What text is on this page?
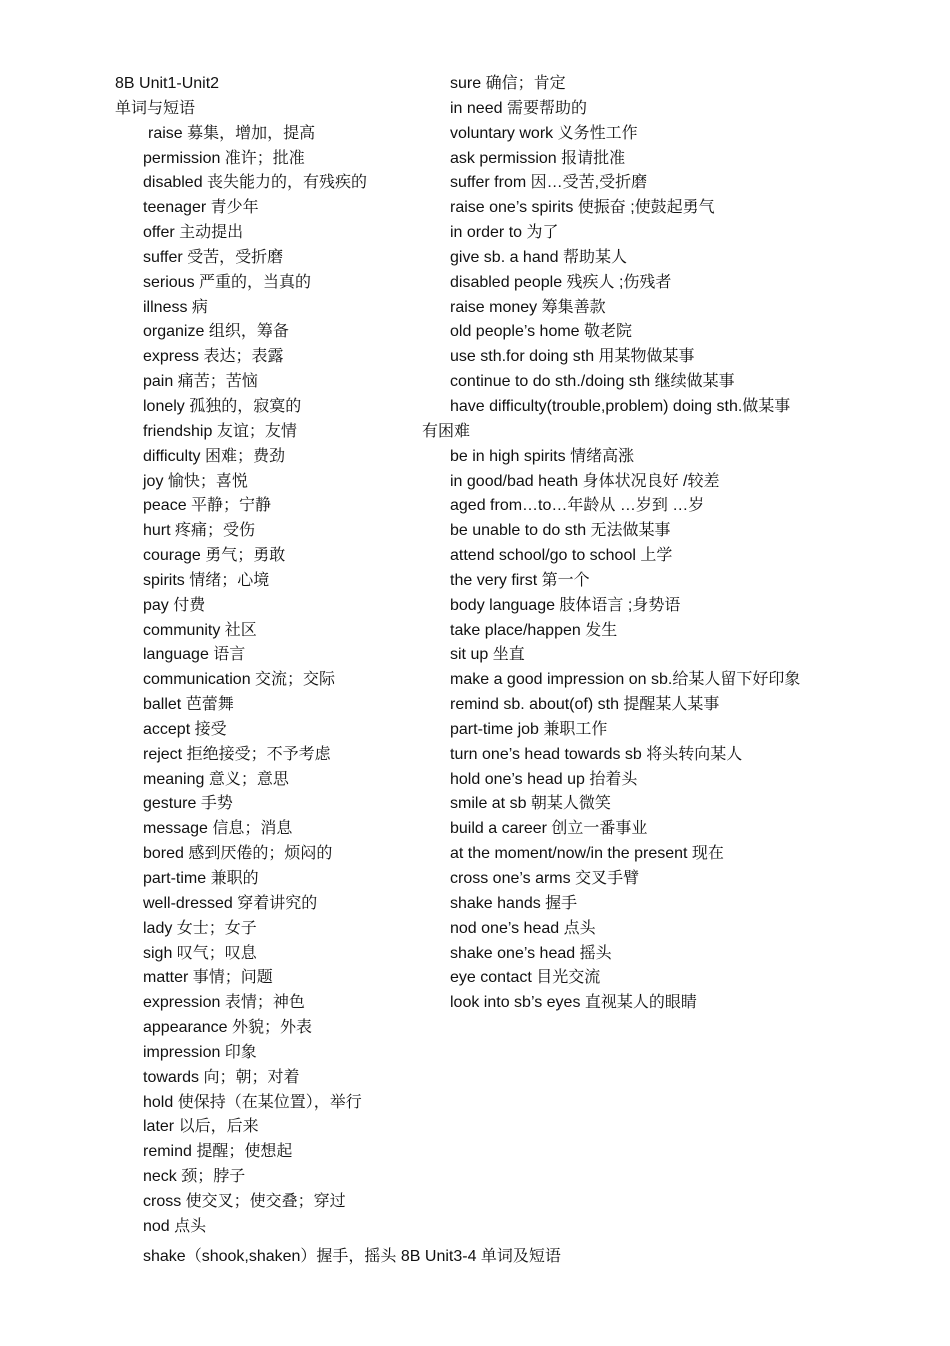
8B Unit1-Unit2
单词与短语
raise 募集，增加，提高
permission 准许；批准
disabled 丧失能力的，有残疾的
teenager 青少年
offer 主动提出
suffer 受苦，受折磨
serious 严重的，当真的
illness 病
organize 组织，筹备
express 表达；表露
pain 痛苦；苦恼
lonely 孤独的，寂寞的
friendship 友谊；友情
difficulty 困难；费劲
joy 愉快；喜悦
peace 平静；宁静
hurt 疼痛；受伤
courage 勇气；勇敢
spirits 情绪；心境
pay 付费
community 社区
language 语言
communication 交流；交际
ballet 芭蕾舞
accept 接受
reject 拒绝接受；不予考虑
meaning 意义；意思
gesture 手势
message 信息；消息
bored 感到厌倦的；烦闷的
part-time 兼职的
well-dressed 穿着讲究的
lady 女士；女子
sigh 叹气；叹息
matter 事情；问题
expression 表情；神色
appearance 外貌；外表
impression 印象
towards 向；朝；对着
hold 使保持（在某位置），举行
later 以后，后来
remind 提醒；使想起
neck 颈；脖子
cross 使交叉；使交叠；穿过
nod 点头
sure 确信；肯定
in need 需要帮助的
voluntary work 义务性工作
ask permission 报请批准
suffer from 因…受苦,受折磨
raise one’s spirits 使振奋 ;使鼓起勇气
in order to 为了
give sb. a hand 帮助某人
disabled people 残疾人 ;伤残者
raise money 筹集善款
old people’s home 敬老院
use sth.for doing sth 用某物做某事
continue to do sth./doing sth 继续做某事
have difficulty(trouble,problem) doing sth.做某事
有困难
be in high spirits 情绪高涨
in good/bad heath 身体状况良好 /较差
aged from…to…年龄从 …岁到 …岁
be unable to do sth 无法做某事
attend school/go to school 上学
the very first 第一个
body language 肢体语言 ;身势语
take place/happen 发生
sit up 坐直
make a good impression on sb.给某人留下好印象
remind sb. about(of) sth 提醒某人某事
part-time job 兼职工作
turn one’s head towards sb 将头转向某人
hold one’s head up 抬着头
smile at sb 朝某人微笑
build a career 创立一番事业
at the moment/now/in the present 现在
cross one’s arms 交叉手臂
shake hands 握手
nod one’s head 点头
shake one’s head 摇头
eye contact 目光交流
look into sb’s eyes 直视某人的眼睛
shake（shook,shaken）握手，摇头 8B Unit3-4 单词及短语
